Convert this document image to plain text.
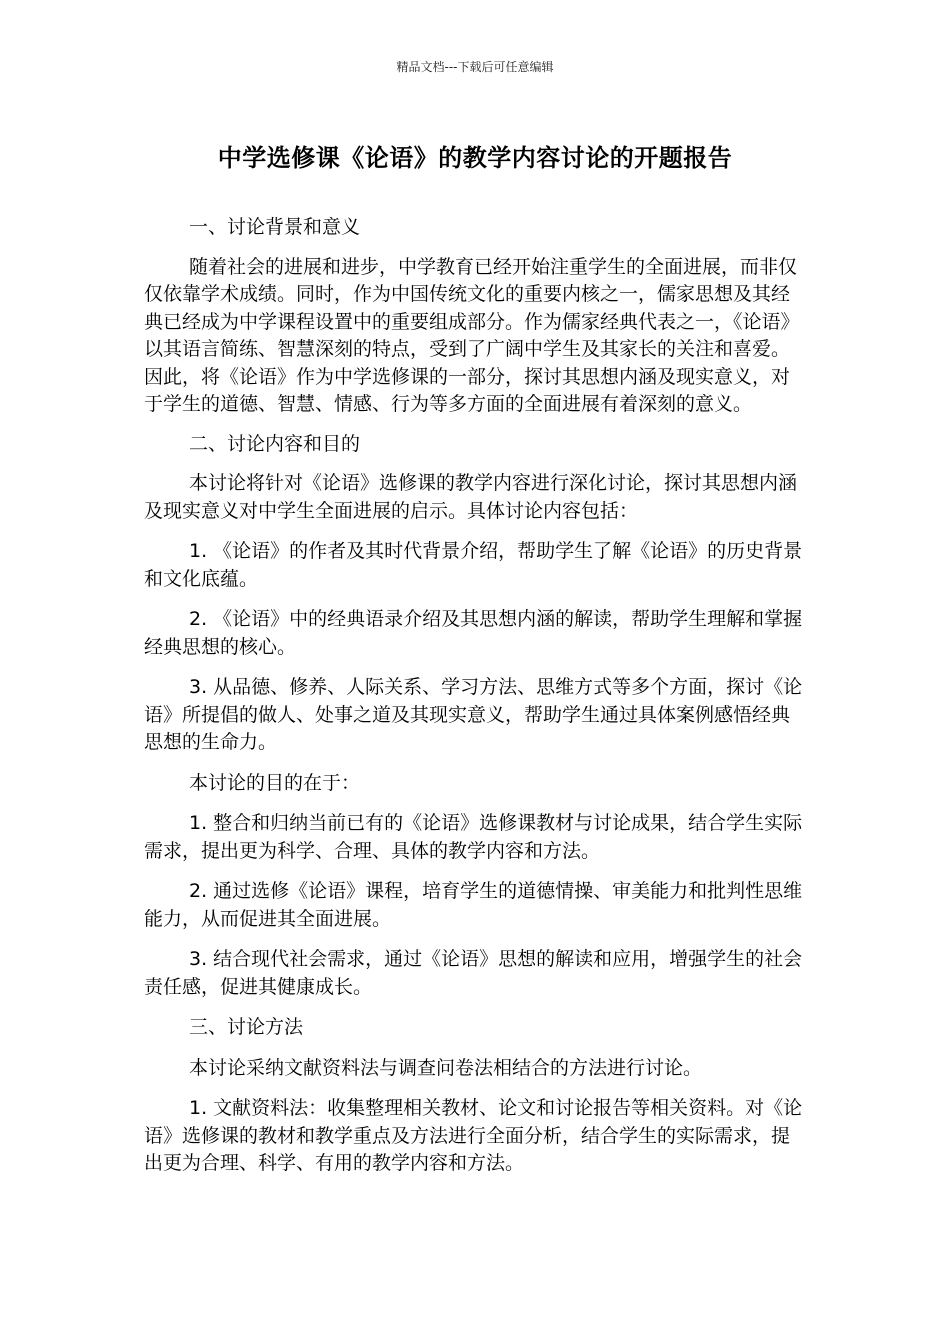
精品文档---下载后可任意编辑
中学选修课《论语》的教学内容讨论的开题报告

一、讨论背景和意义

随着社会的进展和进步，中学教育已经开始注重学生的全面进展，而非仅仅依靠学术成绩。同时，作为中国传统文化的重要内核之一，儒家思想及其经典已经成为中学课程设置中的重要组成部分。作为儒家经典代表之一，《论语》以其语言简练、智慧深刻的特点，受到了广阔中学生及其家长的关注和喜爱。因此，将《论语》作为中学选修课的一部分，探讨其思想内涵及现实意义，对于学生的道德、智慧、情感、行为等多方面的全面进展有着深刻的意义。

二、讨论内容和目的

本讨论将针对《论语》选修课的教学内容进行深化讨论，探讨其思想内涵及现实意义对中学生全面进展的启示。具体讨论内容包括：

1. 《论语》的作者及其时代背景介绍，帮助学生了解《论语》的历史背景和文化底蕴。

2. 《论语》中的经典语录介绍及其思想内涵的解读，帮助学生理解和掌握经典思想的核心。

3. 从品德、修养、人际关系、学习方法、思维方式等多个方面，探讨《论语》所提倡的做人、处事之道及其现实意义，帮助学生通过具体案例感悟经典思想的生命力。

本讨论的目的在于：

1. 整合和归纳当前已有的《论语》选修课教材与讨论成果，结合学生实际需求，提出更为科学、合理、具体的教学内容和方法。

2. 通过选修《论语》课程，培育学生的道德情操、审美能力和批判性思维能力，从而促进其全面进展。

3. 结合现代社会需求，通过《论语》思想的解读和应用，增强学生的社会责任感，促进其健康成长。

三、讨论方法

本讨论采纳文献资料法与调查问卷法相结合的方法进行讨论。

1. 文献资料法：收集整理相关教材、论文和讨论报告等相关资料。对《论语》选修课的教材和教学重点及方法进行全面分析，结合学生的实际需求，提出更为合理、科学、有用的教学内容和方法。
